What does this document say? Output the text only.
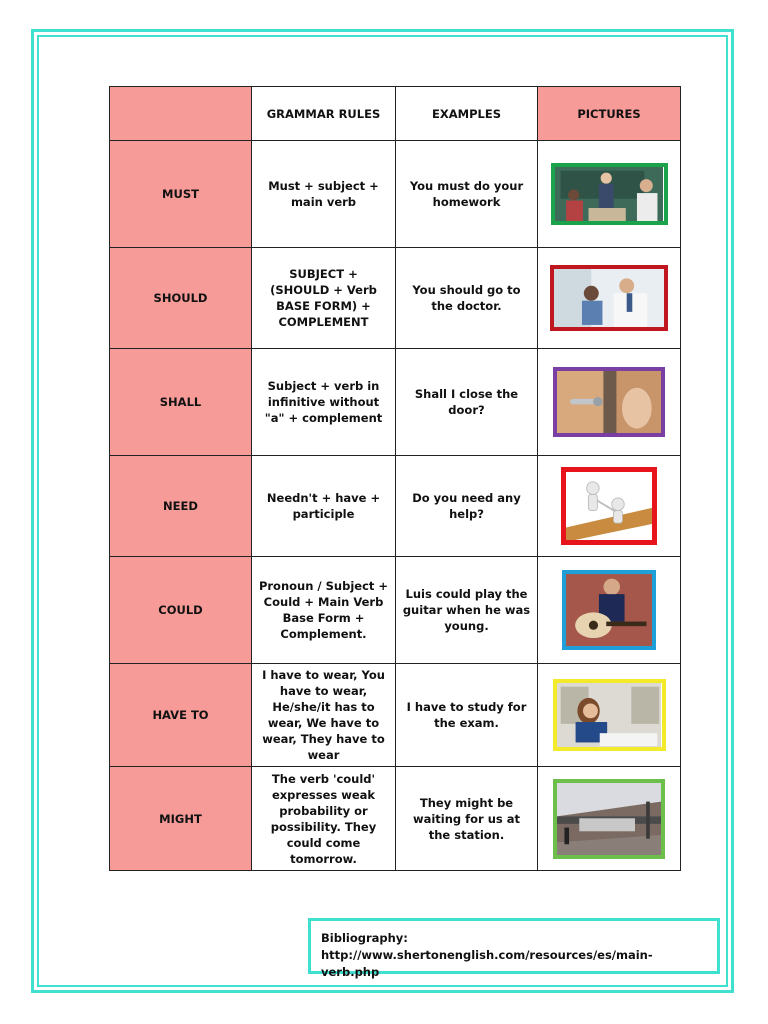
	GRAMMAR RULES	EXAMPLES	PICTURES
MUST	Must + subject + main verb	You must do your homework	

SHOULD	SUBJECT + (SHOULD + Verb BASE FORM) + COMPLEMENT	You should go to the doctor.	

SHALL	Subject + verb in infinitive without "a" + complement	Shall I close the door?	

NEED	Needn't + have + participle	Do you need any help?	

COULD	Pronoun / Subject + Could + Main Verb Base Form + Complement.	Luis could play the guitar when he was young.	

HAVE TO	I have to wear, You have to wear, He/she/it has to wear, We have to wear, They have to wear	I have to study for the exam.	

MIGHT	The verb 'could' expresses weak probability or possibility. They could come tomorrow.	They might be waiting for us at the station.	
Bibliography: http://www.shertonenglish.com/resources/es/main-verb.php
